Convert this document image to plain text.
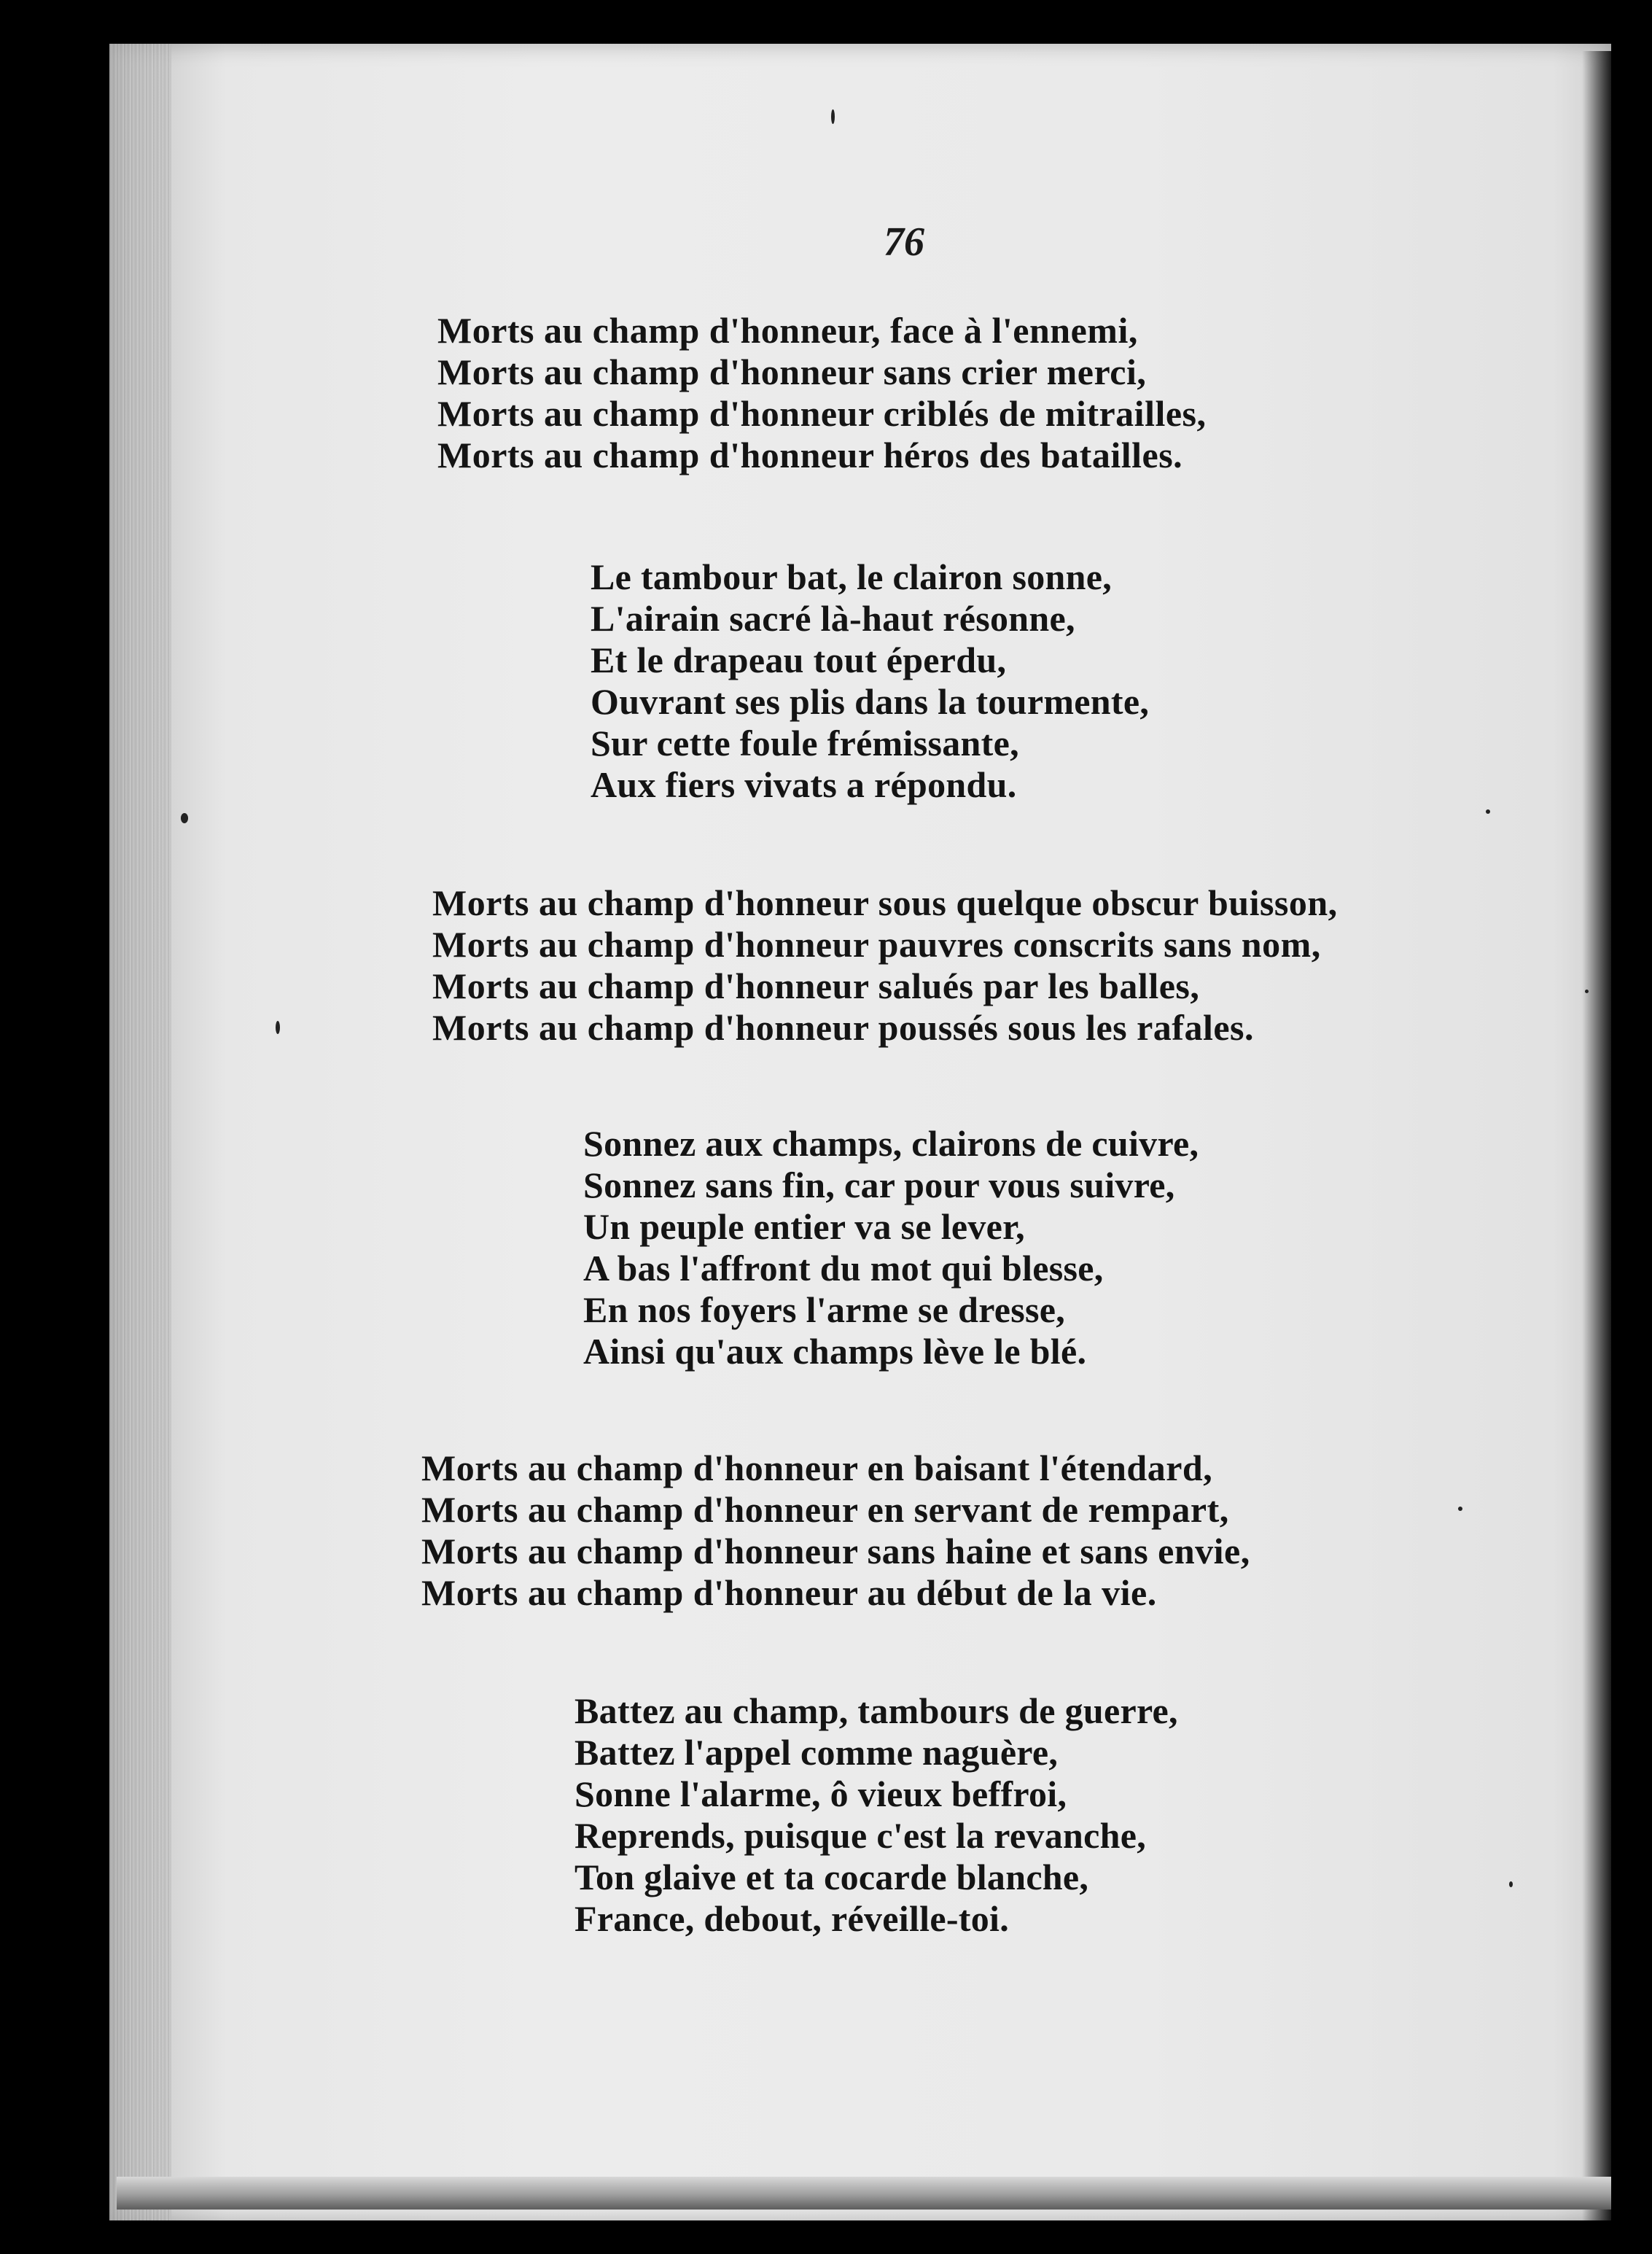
76
Morts au champ d'honneur, face à l'ennemi,
Morts au champ d'honneur sans crier merci,
Morts au champ d'honneur criblés de mitrailles,
Morts au champ d'honneur héros des batailles.
Le tambour bat, le clairon sonne,
L'airain sacré là-haut résonne,
Et le drapeau tout éperdu,
Ouvrant ses plis dans la tourmente,
Sur cette foule frémissante,
Aux fiers vivats a répondu.
Morts au champ d'honneur sous quelque obscur buisson,
Morts au champ d'honneur pauvres conscrits sans nom,
Morts au champ d'honneur salués par les balles,
Morts au champ d'honneur poussés sous les rafales.
Sonnez aux champs, clairons de cuivre,
Sonnez sans fin, car pour vous suivre,
Un peuple entier va se lever,
A bas l'affront du mot qui blesse,
En nos foyers l'arme se dresse,
Ainsi qu'aux champs lève le blé.
Morts au champ d'honneur en baisant l'étendard,
Morts au champ d'honneur en servant de rempart,
Morts au champ d'honneur sans haine et sans envie,
Morts au champ d'honneur au début de la vie.
Battez au champ, tambours de guerre,
Battez l'appel comme naguère,
Sonne l'alarme, ô vieux beffroi,
Reprends, puisque c'est la revanche,
Ton glaive et ta cocarde blanche,
France, debout, réveille-toi.
